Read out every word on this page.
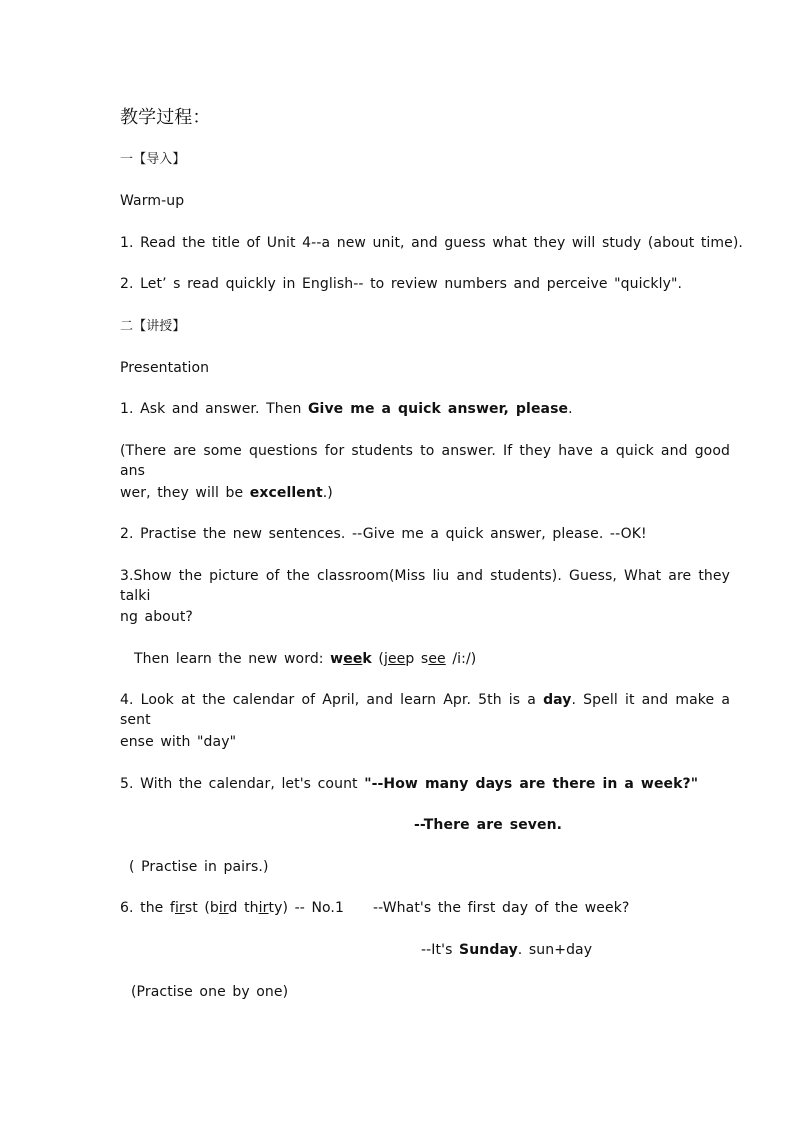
教学过程：
一【导入】
Warm-up
1. Read the title of Unit 4--a new unit, and guess what they will study (about time).
2. Let’ s read quickly in English-- to review numbers and perceive "quickly".
二【讲授】
Presentation
1. Ask and answer. Then Give me a quick answer, please.
(There are some questions for students to answer. If they have a quick and good ans
wer, they will be excellent.)
2. Practise the new sentences. --Give me a quick answer, please. --OK!
3.Show the picture of the classroom(Miss liu and students). Guess, What are they talki
ng about?
Then learn the new word: week (jeep see /i:/)
4. Look at the calendar of April, and learn Apr. 5th is a day. Spell it and make a sent
ense with "day"
5. With the calendar, let's count "--How many days are there in a week?"
--There are seven.
( Practise in pairs.)
6. the first (bird thirty) -- No.1 --What's the first day of the week?
--It's Sunday. sun+day
(Practise one by one)
